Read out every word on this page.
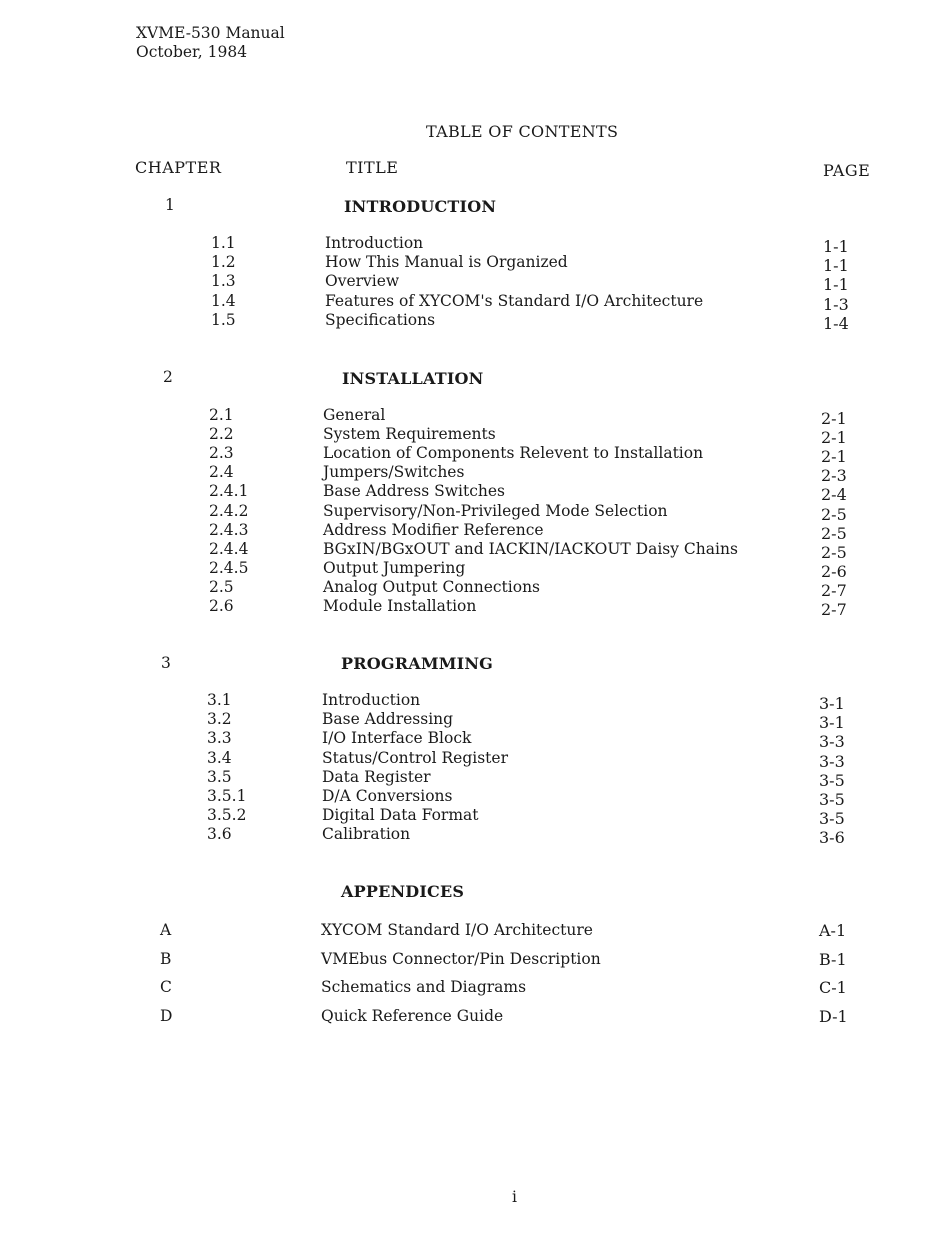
XVME-530 Manual
October, 1984
TABLE OF CONTENTS
CHAPTER	TITLE	PAGE
1	INTRODUCTION
1.1	Introduction	1-1
1.2	How This Manual is Organized	1-1
1.3	Overview	1-1
1.4	Features of XYCOM's Standard I/O Architecture	1-3
1.5	Specifications	1-4
2	INSTALLATION
2.1	General	2-1
2.2	System Requirements	2-1
2.3	Location of Components Relevent to Installation	2-1
2.4	Jumpers/Switches	2-3
2.4.1	Base Address Switches	2-4
2.4.2	Supervisory/Non-Privileged Mode Selection	2-5
2.4.3	Address Modifier Reference	2-5
2.4.4	BGxIN/BGxOUT and IACKIN/IACKOUT Daisy Chains	2-5
2.4.5	Output Jumpering	2-6
2.5	Analog Output Connections	2-7
2.6	Module Installation	2-7
3	PROGRAMMING
3.1	Introduction	3-1
3.2	Base Addressing	3-1
3.3	I/O Interface Block	3-3
3.4	Status/Control Register	3-3
3.5	Data Register	3-5
3.5.1	D/A Conversions	3-5
3.5.2	Digital Data Format	3-5
3.6	Calibration	3-6
APPENDICES
A	XYCOM Standard I/O Architecture	A-1
B	VMEbus Connector/Pin Description	B-1
C	Schematics and Diagrams	C-1
D	Quick Reference Guide	D-1
i
